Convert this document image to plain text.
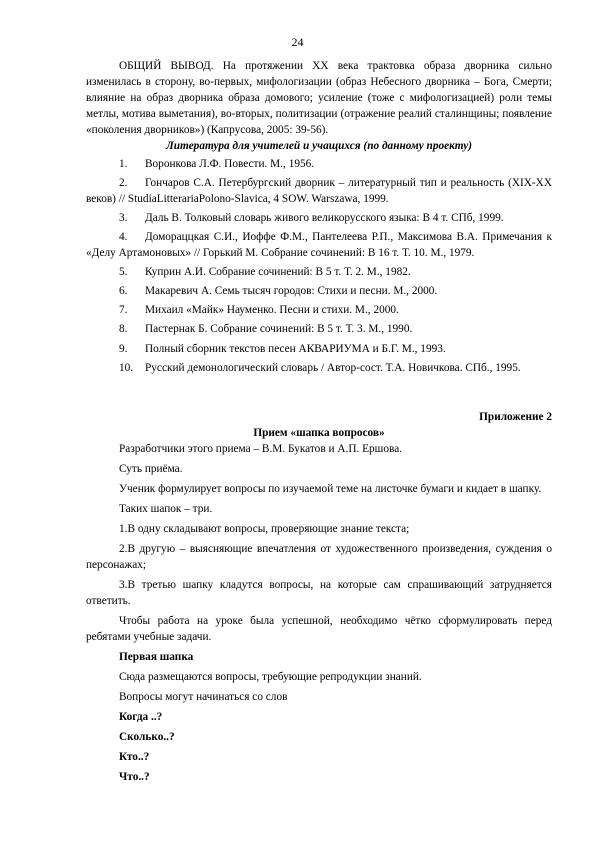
24

ОБЩИЙ ВЫВОД. На протяжении XX века трактовка образа дворника сильно изменилась в сторону, во-первых, мифологизации (образ Небесного дворника – Бога, Смерти; влияние на образ дворника образа домового; усиление (тоже с мифологизацией) роли темы метлы, мотива выметания), во-вторых, политизации (отражение реалий сталинщины; появление «поколения дворников») (Капрусова, 2005: 39-56).

Литература для учителей и учащихся (по данному проекту)

1. Воронкова Л.Ф. Повести. М., 1956.
2. Гончаров С.А. Петербургский дворник – литературный тип и реальность (XIX-XX веков) // StudiaLitterariaPolono-Slavica, 4 SOW. Warszawa, 1999.
3. Даль В. Толковый словарь живого великорусского языка: В 4 т. СПб, 1999.
4. Домораццкая С.И., Иоффе Ф.М., Пантелеева Р.П., Максимова В.А. Примечания к «Делу Артамоновых» // Горький М. Собрание сочинений: В 16 т. Т. 10. М., 1979.
5. Куприн А.И. Собрание сочинений: В 5 т. Т. 2. М., 1982.
6. Макаревич А. Семь тысяч городов: Стихи и песни. М., 2000.
7. Михаил «Майк» Науменко. Песни и стихи. М., 2000.
8. Пастернак Б. Собрание сочинений: В 5 т. Т. 3. М., 1990.
9. Полный сборник текстов песен АКВАРИУМА и Б.Г. М., 1993.
10. Русский демонологический словарь / Автор-сост. Т.А. Новичкова. СПб., 1995.

Приложение 2

Прием «шапка вопросов»

Разработчики этого приема – В.М. Букатов и А.П. Ершова.

Суть приёма.

Ученик формулирует вопросы по изучаемой теме на листочке бумаги и кидает в шапку.

Таких шапок – три.

1.В одну складывают вопросы, проверяющие знание текста;

2.В другую – выясняющие впечатления от художественного произведения, суждения о персонажах;

3.В третью шапку кладутся вопросы, на которые сам спрашивающий затрудняется ответить.

Чтобы работа на уроке была успешной, необходимо чётко сформулировать перед ребятами учебные задачи.

Первая шапка

Сюда размещаются вопросы, требующие репродукции знаний.

Вопросы могут начинаться со слов

Когда ..?

Сколько..?

Кто..?

Что..?
